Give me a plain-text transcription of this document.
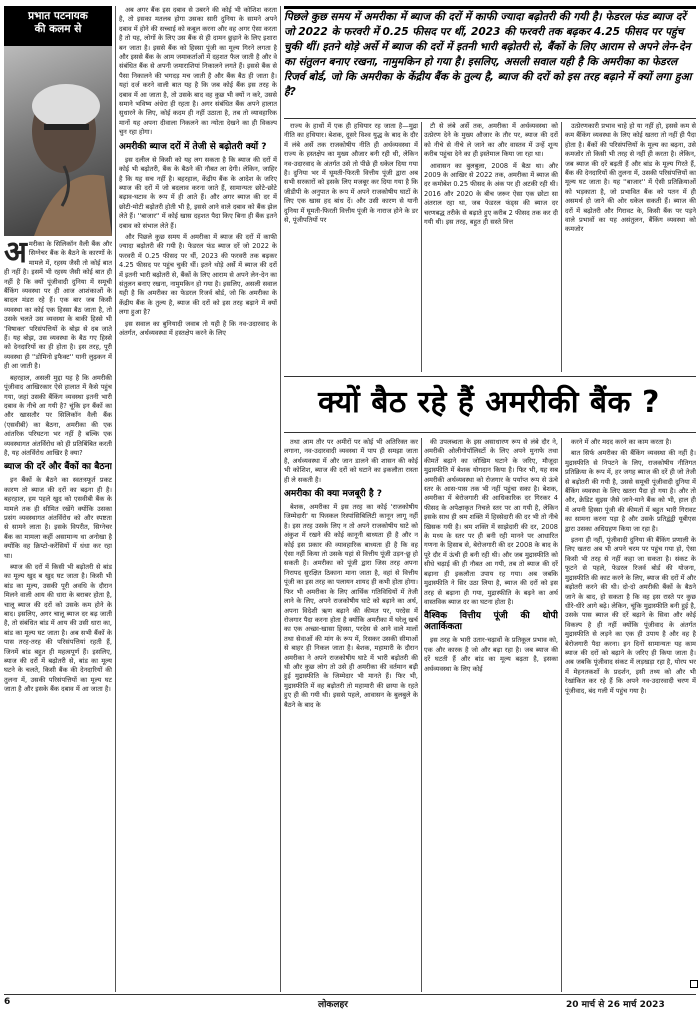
प्रभात पटनायक
की कलम से

अमरीका के सिलिकॉन वैली बैंक और सिग्नेचर बैंक के बैठने के कारणों के मामले में, रहस्य जैसी तो कोई बात ही नहीं है। इसमें भी रहस्य जैसी कोई बात ही नहीं है कि क्यों पूंजीवादी दुनिया में समूची बैंकिंग व्यवस्था पर ही आज आशंकाओं के बादल मंडरा रहे हैं। एक बार जब किसी व्यवस्था का कोई एक हिस्सा बैठ जाता है, तो उसके चलते उस व्यवस्था के बाकी हिस्से भी 'विषाक्त' परिसंपत्तियों के बोझ से दब जाते हैं। यह बोझ, उस व्यवस्था के बैठ गए हिस्से को देनदारियों का ही होता है। इस तरह, पूरी व्यवस्था ही ''डोमिनो इफैक्ट'' यानी लुढ़कन में ही आ जाती है।

बहरहाल, असली मुद्दा यह है कि अमरीकी पूंजीवाद आखिरकार ऐसे हालात में कैसे पहुंच गया, जहां उसकी बैंकिंग व्यवस्था इतनी भारी दबाव के नीचे आ गयी है? चूंकि इन बैंकों का और खासतौर पर सिलिकॉन वैली बैंक (एसवीबी) का बैठना, अमरीका की एक आंतरिक परिघटना भर नहीं है बल्कि एक व्यवस्थागत अंतर्विरोध को ही प्रतिबिंबित करती है, यह अंतर्विरोध आखिर है क्या?

ब्याज की दरें और बैंकों का बैठना

इन बैंकों के बैठने का स्वतःस्फूर्त प्रकट कारण तो ब्याज की दरों का बढ़ना ही है। बहरहाल, हम पहले खुद को एसवीबी बैंक के मामले तक ही सीमित रखेंगे क्योंकि उसका प्रसंग व्यवस्थागत अंतर्विरोध को और स्पष्टता से सामने लाता है। इसके विपरीत, सिग्नेचर बैंक का मामला कहीं असामान्य था अनोखा है क्योंकि वह क्रिप्टो-करेंसियों में धंधा कर रहा था।

ब्याज की दरों में किसी भी बढ़ोतरी से बांड का मूल्य खुद ब खुद घट जाता है। किसी भी बांड का मूल्य, उसकी पूरी अवधि के दौरान मिलने वाली आय की धारा के बराबर होता है, चालू ब्याज की दरों को उसके कम होने के बाद। इसलिए, अगर चालू ब्याज दर बढ़ जाती है, तो संबंधित बांड में आय की उसी धारा का, बांड का मूल्य घट जाता है। अब सभी बैंकों के पास तरह-तरह की परिसंपत्तियां रहती हैं, जिनमें बांड बहुत ही महत्वपूर्ण हैं। इसलिए, ब्याज की दरों में बढ़ोतरी से, बांड का मूल्य घटने के चलते, किसी बैंक की देनदारियों की तुलना में, उसकी परिसंपत्तियों का मूल्य घट जाता है और इसके बैंक दबाव में आ जाता है।

अब अगर बैंक इस दबाव से उबरने की कोई भी कोशिश करता है, तो इसका मतलब होगा उसका सारी दुनिया के सामने अपने दबाव में होने की सच्चाई को कबूल करना और वह अगर ऐसा करता है तो यह, लोगों के लिए उस बैंक से ही दामन छुड़ाने के लिए इशारा बन जाता है। इससे बैंक को हिस्सा पूंजी का मूल्य गिरने लगता है और इससे बैंक के आम जमाकर्ताओं में दहशत फैल जाती है और वे संबंधित बैंक से अपनी जमाराशियां निकालने लगते हैं। इससे बैंक से पैसा निकालने की भगदड़ मच जाती है और बैंक बैठ ही जाता है। यहां दर्ज करने वाली बात यह है कि जब कोई बैंक इस तरह के दबाव में आ जाता है, तो उसके बाद वह कुछ भी क्यों न करे, उससे समाने भविष्य अंधेरा ही रहता है। अगर संबंधित बैंक अपने हालात सुधारने के लिए, कोई कदम ही नहीं उठाता है, तब तो व्यावहारिक मानों यह अपना दीवाला निकलने का न्योता देखने का ही विकल्प चुन रहा होगा।

अमरीकी ब्याज दरों में तेजी से बढ़ोतरी क्यों ?

इस दलील से किसी को यह लग सकता है कि ब्याज की दरों में कोई भी बढ़ोतरी, बैंक के बैठने की नौबत ला देगी। लेकिन, जाहिर है कि यह सच नहीं है। बहरहाल, केंद्रीय बैंक के आदेश के जरिए ब्याज की दरों में जो बदलाव करना जाते हैं, सामान्यतः छोटे-छोटे बढ़ाव-घटाव के रूप में ही आते हैं। और अगर ब्याज की दर में छोटी-मोटी बढ़ोतरी होती भी है, इससे आने वाले दबाव को बैंक झेल लेते हैं। ''बाजार'' में कोई खास दहशत पैदा किए बिना ही बैंक इतने दबाव को संभाल लेते हैं।

और पिछले कुछ समय में अमरीका में ब्याज की दरों में काफी ज्यादा बढ़ोतरी की गयी है। फेडरल फंड ब्याज दरें जो 2022 के फरवरी में 0.25 फीसद पर थीं, 2023 की फरवरी तक बढ़कर 4.25 फीसद पर पहुंच चुकी थीं। इतने थोड़े अर्से में ब्याज की दरों में इतनी भारी बढ़ोतरी से, बैंकों के लिए आराम से अपने लेन-देन का संतुलन बनाए रखना, नामुमकिन हो गया है। इसलिए, असली सवाल यही है कि अमरीका का फेडरल रिजर्व बोर्ड, जो कि अमरीका के केंद्रीय बैंक के तुल्य है, ब्याज की दरों को इस तरह बढ़ाने में क्यों लगा हुआ है?

इस सवाल का बुनियादी जवाब तो यही है कि नव-उदारवाद के अंतर्गत, अर्थव्यवस्था में हस्तक्षेप करने के लिए

पिछले कुछ समय में अमरीका में ब्याज की दरों में काफी ज्यादा बढ़ोतरी की गयी है। फेडरल फंड ब्याज दरें जो 2022 के फरवरी में 0.25 फीसद पर थीं, 2023 की फरवरी तक बढ़कर 4.25 फीसद पर पहुंच चुकी थीं। इतने थोड़े अर्से में ब्याज की दरों में इतनी भारी बढ़ोतरी से, बैंकों के लिए आराम से अपने लेन-देन का संतुलन बनाए रखना, नामुमकिन हो गया है। इसलिए, असली सवाल यही है कि अमरीका का फेडरल रिजर्व बोर्ड, जो कि अमरीका के केंद्रीय बैंक के तुल्य है, ब्याज की दरों को इस तरह बढ़ाने में क्यों लगा हुआ है?

राज्य के हाथों में एक ही हथियार रह जाता है—मुद्रा नीति का हथियार। बेशक, दूसरे विश्व युद्ध के बाद के दौर में लंबे अर्से तक राजकोषीय नीति ही अर्थव्यवस्था में राज्य के हस्तक्षेप का मुख्य औजार बनी रही थी, लेकिन नव-उदारवाद के अंतर्गत उसे तो पीछे ही धकेल दिया गया है। दुनिया भर में घूमती-फिरती वित्तीय पूंजी द्वारा अब सभी सरकारों को इसके लिए मजबूर कर दिया गया है कि जीडीपी के अनुपात के रूप में अपने राजकोषीय घाटों के लिए एक खास हद बांध दें। और उसी कारण से यानी दुनिया में घूमती-फिरती वित्तीय पूंजी के नाराज होने के डर से, पूंजीपतियों पर

टौ से लंबे अर्से तक, अमरीका में अर्थव्यवस्था को उत्प्रेरण देने के मुख्य औजार के तौर पर, ब्याज की दरों को नीचे से नीचे ले जाने का और वास्तव में उन्हें शून्य करीब पहुंचा देने का ही इस्तेमाल किया जा रहा था।

आवासन का बुलबुला, 2008 में बैठा था। और 2009 के आखिर से 2022 तक, अमरीका में ब्याज की दर कमोबेश 0.25 फीसद के अंक पर ही अटकी रही थी। 2016 और 2020 के बीच जरूर ऐसा एक छोटा सा अंतराल रहा था, जब फेडरल फंड्स की ब्याज दर चरणबद्ध तरीके से बढ़ाते हुए करीब 2 फीसद तक कर दी गयी थी। इस तरह, बहुत ही सस्ते वित्त

उत्प्रेरणकारी प्रभाव चाहे हो या नहीं हो, इससे कम से कम बैंकिंग व्यवस्था के लिए कोई खतरा तो नहीं ही पैदा होता है। बैंकों की परिसंपत्तियों के मूल्य का बढ़ना, उसे कमजोर तो किसी भी तरह से नहीं ही करता है। लेकिन, जब ब्याज की दरें बढ़ती हैं और बांड के मूल्य गिरते हैं, बैंक की देनदारियों की तुलना में, उसकी परिसंपत्तियों का मूल्य घट जाता है। यह ''बाजार'' में ऐसी प्रतिक्रियाओं को भड़काता है, जो प्रभावित बैंक को पतन में ही असमर्थ हो जाने की ओर धकेल सकती हैं। ब्याज की दरों में बढ़ोतरी और गिरावट के, किसी बैंक पर पड़ने वाले प्रभावों का यह असंतुलन, बैंकिंग व्यवस्था को कमजोर

क्यों बैठ रहे हैं अमरीकी बैंक ?

तथा आम तौर पर अमीरों पर कोई भी अतिरिक्त कर लगाना, नव-उदारवादी व्यवस्था में पाप ही समझा जाता है, अर्थव्यवस्था में और जान डालने की शासन की कोई भी कोशिश, ब्याज की दरों को घटाने का इकलौता रास्ता ही ले सकती है।

अमरीका की क्या मजबूरी है ?

बेशक, अमरीका में इस तरह का कोई 'राजकोषीय जिम्मेदारी' या फिस्कल रिस्पांसिबिलिटी कानून लागू नहीं है। इस तरह उसके लिए न तो अपने राजकोषीय घाटे को अंकुश में रखने की कोई कानूनी बाध्यता ही है और न कोई इस प्रकार की व्यावहारिक बाध्यता ही है कि वह ऐसा नहीं किया तो उसके यहां से वित्तीय पूंजी उड़न-छू हो सकती है। अमरीका को पूंजी द्वारा जिस तरह अपना निरापद सुरक्षित ठिकाना माना जाता है, वहां से वित्तीय पूंजी का इस तरह का पलायन शायद ही कभी होता होगा। फिर भी अमरीका के लिए आर्थिक गतिविधियों में तेजी लाने के लिए, अपने राजकोषीय घाटे को बढ़ाने का अर्थ, अपना विदेशी ऋण बढ़ाने की कीमत पर, परदेस में रोजगार पैदा करना होता है क्योंकि अमरीका में घरेलू खर्च का एक अच्छा-खासा हिस्सा, परदेस से आने वाले मालों तथा सेवाओं की मांग के रूप में, रिसकर उसकी सीमाओं से बाहर ही निकल जाता है। बेशक, महामारी के दौरान अमरीका ने अपने राजकोषीय घाटे में भारी बढ़ोतरी की थी और कुछ लोग तो उसे ही अमरीका की वर्तमान बढ़ी हुई मुद्रास्फीति के जिम्मेदार भी मानते हैं। फिर भी, मुद्रास्फीति में वह बढ़ोतरी तो महामारी की छाया के रहते हुए ही की गयी थी। इससे पहले, आवासन के बुलबुले के बैठने के बाद के

की उपलब्धता के इस असाधारण रूप से लंबे दौर ने, अमरीकी ओलीगोपॉलिस्टों के लिए अपने मुनाफे तथा कीमतें बढ़ाने का जोखिम घटाने के जरिए, मौजूदा मुद्रास्फीति में बेशक योगदान किया है। फिर भी, यह सब अमरीकी अर्थव्यवस्था को रोजगार के पर्याप्त रूप से ऊंचे स्तर के आस-पास तक भी नहीं पहुंचा सका है। बेशक, अमरीका में बेरोजगारी की आधिकारिक दर गिरकर 4 फीसद के अपेक्षाकृत निचले स्तर पर आ गयी है, लेकिन इसके साथ ही श्रम शक्ति में हिस्सेदारी की दर भी तो नीचे खिसक गयी है। श्रम शक्ति में साझेदारी की दर, 2008 के मध्य के स्तर पर ही बनी रही मानने पर आधारित गणना के हिसाब से, बेरोजगारी की दर 2008 के बाद के पूरे दौर में ऊंची ही बनी रही थी। और जब मुद्रास्फीति को सीधे चढ़ाई की ही नौबत आ गयी, तब तो ब्याज की दरें बढ़ाना ही इकलौता उपाय रह गया। अब जबकि मुद्रास्फीति ने सिर उठा लिया है, ब्याज की दरों को इस तरह से बढ़ाना ही गया, मुद्रास्फीति के बढ़ने का अर्थ वास्तविक ब्याज दर का घटना होता है।

वैश्विक वित्तीय पूंजी की थोपी अतार्किकता

इस तरह के भारी उतार-चढ़ावों के प्रतिकूल प्रभाव को, एक और कारक है जो और बढ़ा रहा है। जब ब्याज की दरें घटती हैं और बांड का मूल्य बढ़ता है, इसका अर्थव्यवस्था के लिए कोई

करने में और मदद करने का काम करता है।

बात सिर्फ अमरीका की बैंकिंग व्यवस्था की नहीं है। मुद्रास्फीति से निपटने के लिए, राजकोषीय नीतिगत प्रतिक्रिया के रूप में, हर जगह ब्याज की दरें ही जो तेजी से बढ़ोतरी की गयी है, उससे समूची पूंजीवादी दुनिया में बैंकिंग व्यवस्था के लिए खतरा पैदा हो गया है। और तो और, क्रेडिट सुइस जैसे जाने-माने बैंक को भी, हाल ही में अपनी हिस्सा पूंजी की कीमतों में बहुत भारी गिरावट का सामना करना पड़ा है और उसके प्रतिद्वंद्वी यूबीएस द्वारा उसका अधिग्रहण किया जा रहा है।

इतना ही नहीं, पूंजीवादी दुनिया की बैंकिंग प्रणाली के लिए खतरा अब भी अपने चरम पर पहुंच गया हो, ऐसा किसी भी तरह से नहीं कहा जा सकता है। संकट के फूटने से पहले, फेडरल रिजर्व बोर्ड की योजना, मुद्रास्फीति की काट करने के लिए, ब्याज की दरों में और बढ़ोतरी करने की थी। दो-दो अमरीकी बैंकों के बैठने जाने के बाद, हो सकता है कि वह इस रास्ते पर कुछ धीरे-धीरे आगे बढ़े। लेकिन, चूंकि मुद्रास्फीति बनी हुई है, उसके पास ब्याज की दरें बढ़ाने के सिवा और कोई विकल्प है ही नहीं क्योंकि पूंजीवाद के अंतर्गत मुद्रास्फीति से लड़ने का एक ही उपाय है और वह है बेरोजगारी पैदा करना। इन दिनों सामान्यतः यह काम ब्याज की दरों को बढ़ाने के जरिए ही किया जाता है। अब जबकि पूंजीवाद संकट में लड़खड़ा रहा है, योरप भर में मेहनतकशों के प्रदर्शन, इसी तथ्य को और भी रेखांकित कर रहे हैं कि अपने नव-उदारवादी चरण में पूंजीवाद, बंद गली में पहुंच गया है।

6	लोकलहर	20 मार्च से 26 मार्च 2023
